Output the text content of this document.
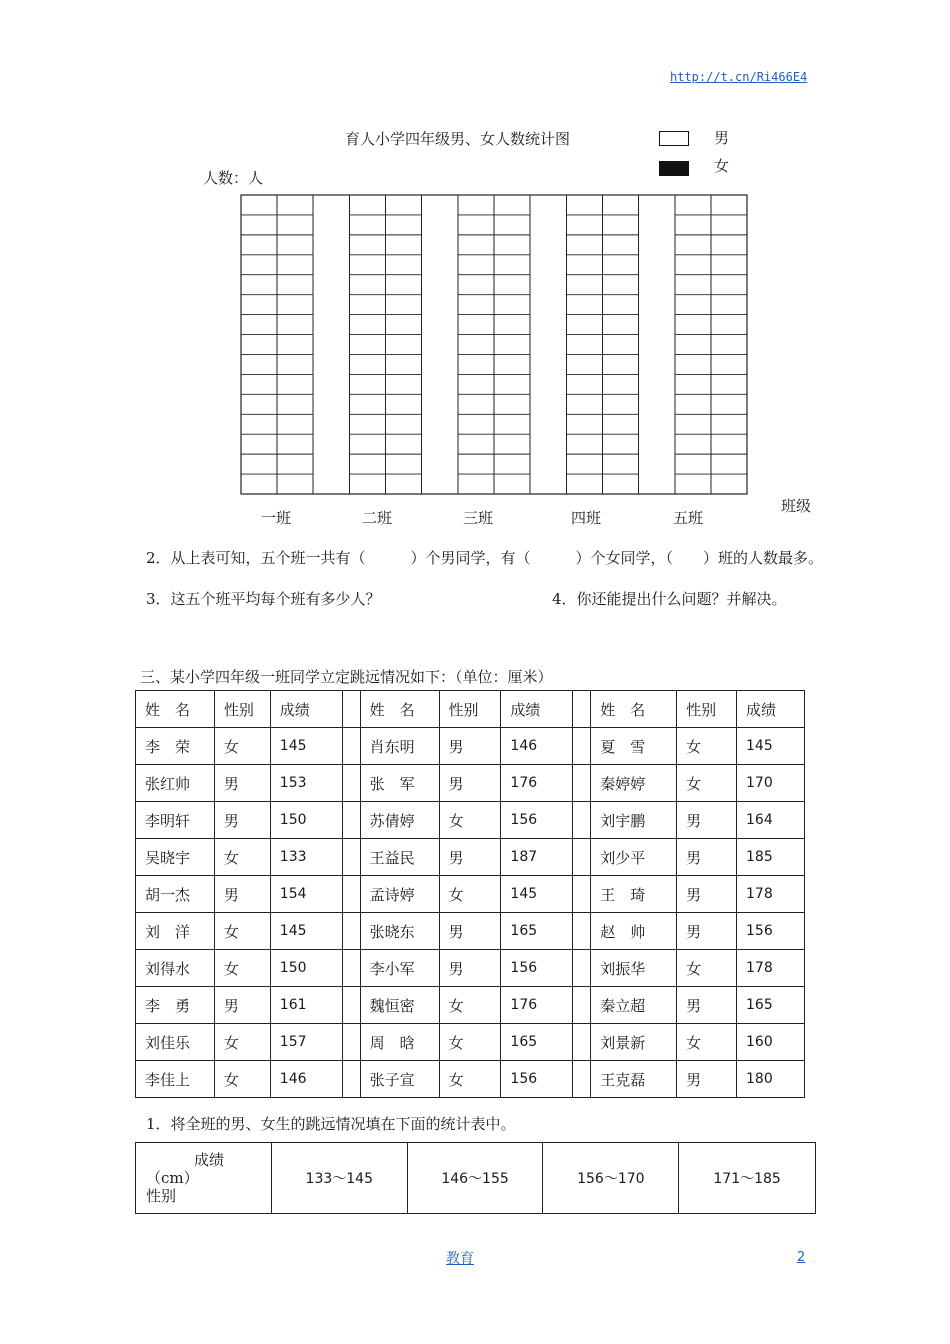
http://t.cn/Ri466E4
育人小学四年级男、女人数统计图	男
女
人数：人
班级
一班	二班	三班	四班	五班
2．从上表可知，五个班一共有（　　　）个男同学，有（　　　）个女同学，（　　）班的人数最多。
3．这五个班平均每个班有多少人？	4．你还能提出什么问题？并解决。
三、某小学四年级一班同学立定跳远情况如下：（单位：厘米）
姓　名	性别	成绩		姓　名	性别	成绩		姓　名	性别	成绩
李　荣	女	145		肖东明	男	146		夏　雪	女	145
张红帅	男	153		张　军	男	176		秦婷婷	女	170
李明轩	男	150		苏倩婷	女	156		刘宇鹏	男	164
吴晓宇	女	133		王益民	男	187		刘少平	男	185
胡一杰	男	154		孟诗婷	女	145		王　琦	男	178
刘　洋	女	145		张晓东	男	165		赵　帅	男	156
刘得水	女	150		李小军	男	156		刘振华	女	178
李　勇	男	161		魏恒密	女	176		秦立超	男	165
刘佳乐	女	157		周　晗	女	165		刘景新	女	160
李佳上	女	146		张子宣	女	156		王克磊	男	180
1．将全班的男、女生的跳远情况填在下面的统计表中。
成绩
（cm）
性别
	133～145	146～155	156～170	171～185
教育	2
